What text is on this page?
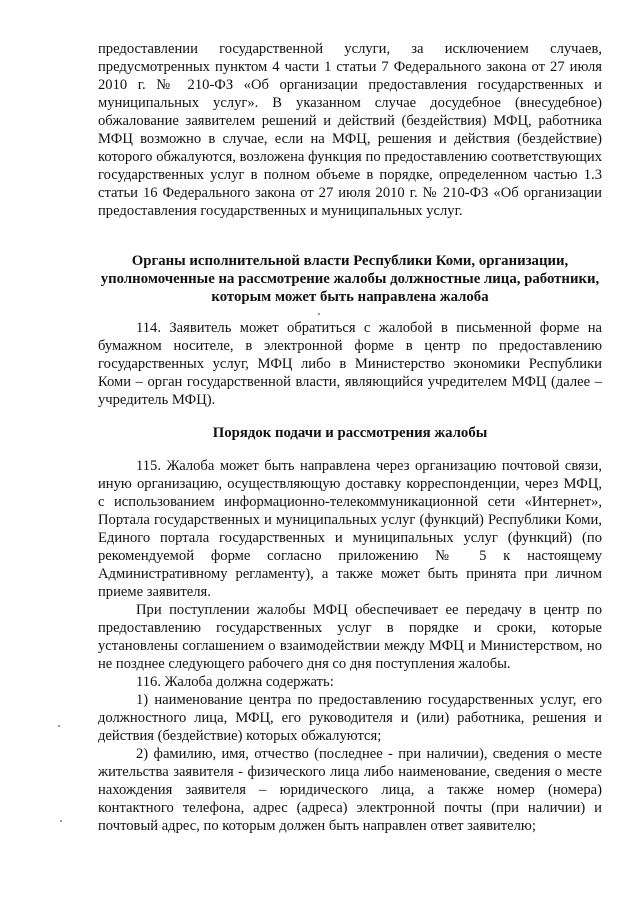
предоставлении государственной услуги, за исключением случаев, предусмотренных пунктом 4 части 1 статьи 7 Федерального закона от 27 июля 2010 г. № 210-ФЗ «Об организации предоставления государственных и муниципальных услуг». В указанном случае досудебное (внесудебное) обжалование заявителем решений и действий (бездействия) МФЦ, работника МФЦ возможно в случае, если на МФЦ, решения и действия (бездействие) которого обжалуются, возложена функция по предоставлению соответствующих государственных услуг в полном объеме в порядке, определенном частью 1.3 статьи 16 Федерального закона от 27 июля 2010 г. № 210-ФЗ «Об организации предоставления государственных и муниципальных услуг.

Органы исполнительной власти Республики Коми, организации, уполномоченные на рассмотрение жалобы должностные лица, работники, которым может быть направлена жалоба

114. Заявитель может обратиться с жалобой в письменной форме на бумажном носителе, в электронной форме в центр по предоставлению государственных услуг, МФЦ либо в Министерство экономики Республики Коми – орган государственной власти, являющийся учредителем МФЦ (далее – учредитель МФЦ).

Порядок подачи и рассмотрения жалобы

115. Жалоба может быть направлена через организацию почтовой связи, иную организацию, осуществляющую доставку корреспонденции, через МФЦ, с использованием информационно-телекоммуникационной сети «Интернет», Портала государственных и муниципальных услуг (функций) Республики Коми, Единого портала государственных и муниципальных услуг (функций) (по рекомендуемой форме согласно приложению № 5 к настоящему Административному регламенту), а также может быть принята при личном приеме заявителя.

При поступлении жалобы МФЦ обеспечивает ее передачу в центр по предоставлению государственных услуг в порядке и сроки, которые установлены соглашением о взаимодействии между МФЦ и Министерством, но не позднее следующего рабочего дня со дня поступления жалобы.

116. Жалоба должна содержать:

1) наименование центра по предоставлению государственных услуг, его должностного лица, МФЦ, его руководителя и (или) работника, решения и действия (бездействие) которых обжалуются;

2) фамилию, имя, отчество (последнее - при наличии), сведения о месте жительства заявителя - физического лица либо наименование, сведения о месте нахождения заявителя – юридического лица, а также номер (номера) контактного телефона, адрес (адреса) электронной почты (при наличии) и почтовый адрес, по которым должен быть направлен ответ заявителю;
